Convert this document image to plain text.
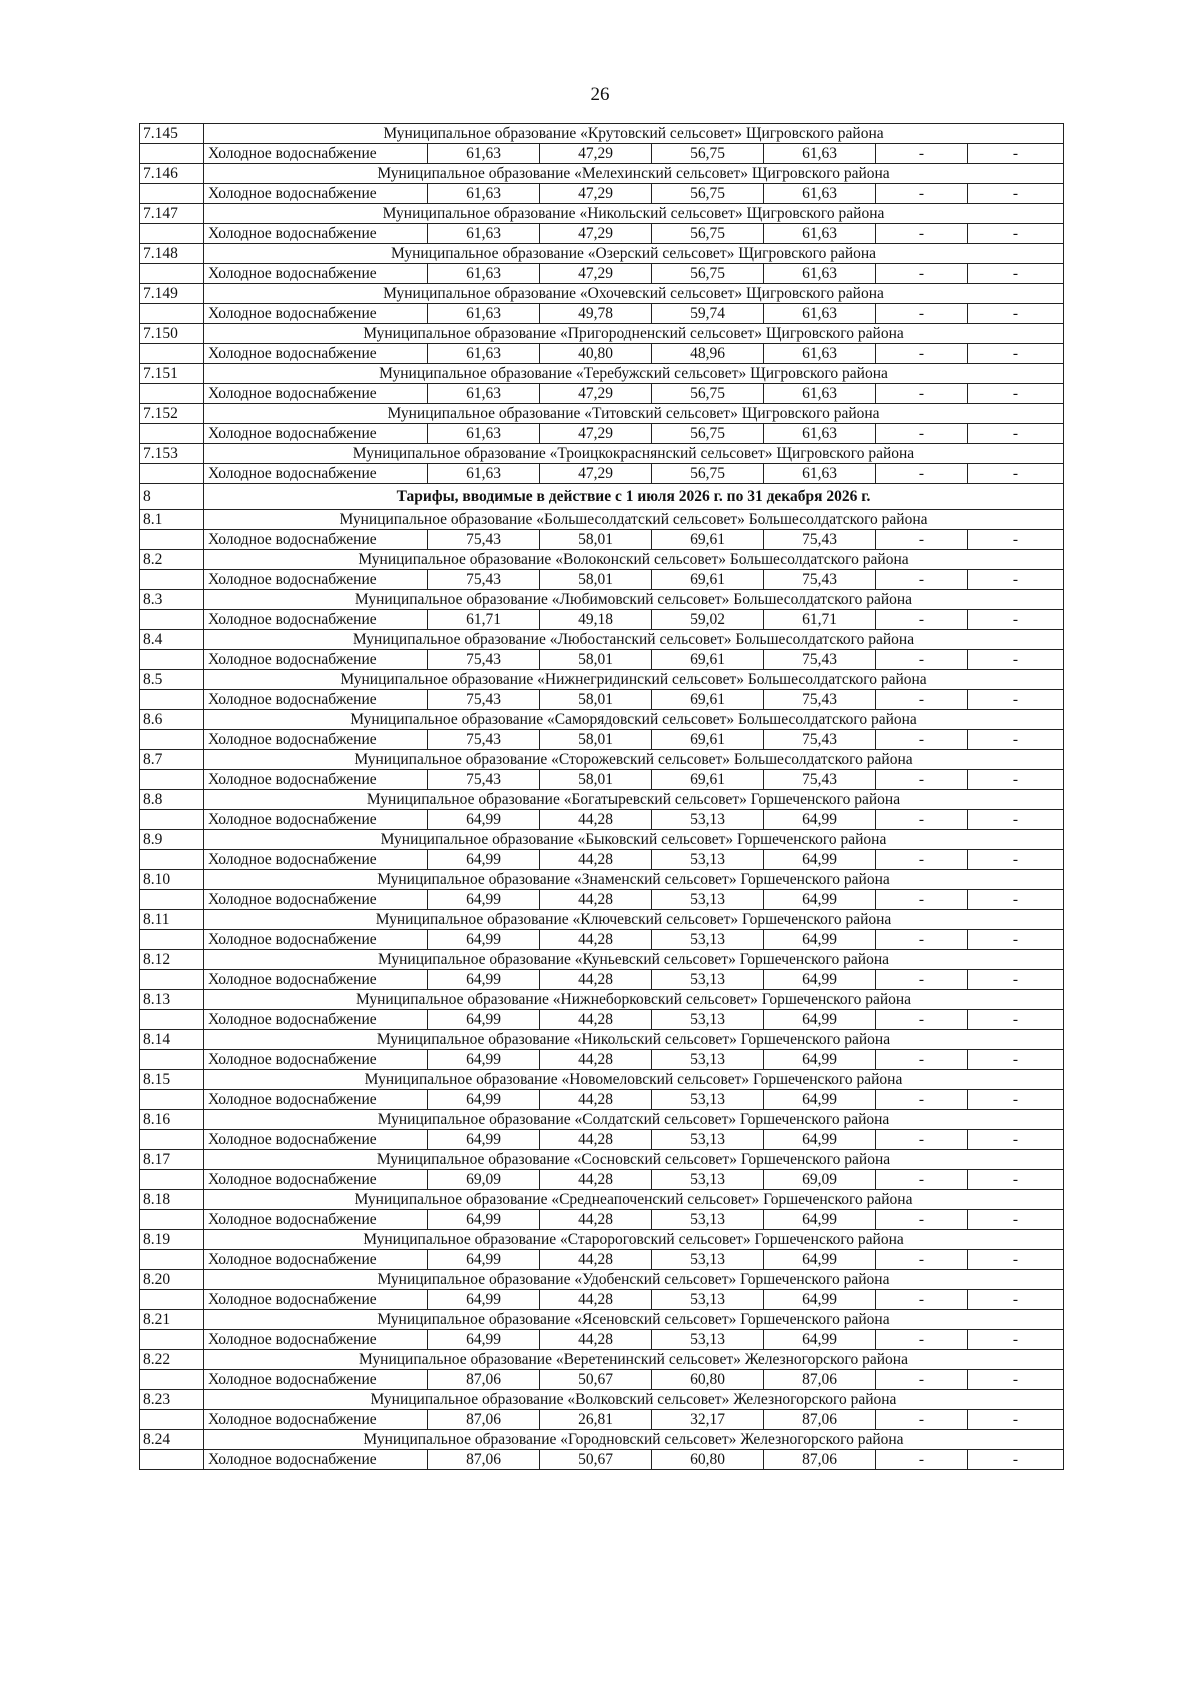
26
7.145	Муниципальное образование «Крутовский сельсовет» Щигровского района						
	Холодное водоснабжение	61,63	47,29	56,75	61,63	-	-
7.146	Муниципальное образование «Мелехинский сельсовет» Щигровского района						
	Холодное водоснабжение	61,63	47,29	56,75	61,63	-	-
7.147	Муниципальное образование «Никольский сельсовет» Щигровского района						
	Холодное водоснабжение	61,63	47,29	56,75	61,63	-	-
7.148	Муниципальное образование «Озерский сельсовет» Щигровского района						
	Холодное водоснабжение	61,63	47,29	56,75	61,63	-	-
7.149	Муниципальное образование «Охочевский сельсовет» Щигровского района						
	Холодное водоснабжение	61,63	49,78	59,74	61,63	-	-
7.150	Муниципальное образование «Пригородненский сельсовет» Щигровского района						
	Холодное водоснабжение	61,63	40,80	48,96	61,63	-	-
7.151	Муниципальное образование «Теребужский сельсовет» Щигровского района						
	Холодное водоснабжение	61,63	47,29	56,75	61,63	-	-
7.152	Муниципальное образование «Титовский сельсовет» Щигровского района						
	Холодное водоснабжение	61,63	47,29	56,75	61,63	-	-
7.153	Муниципальное образование «Троицкокраснянский сельсовет» Щигровского района						
	Холодное водоснабжение	61,63	47,29	56,75	61,63	-	-
8	Тарифы, вводимые в действие с 1 июля 2026 г. по 31 декабря 2026 г.						
8.1	Муниципальное образование «Большесолдатский сельсовет» Большесолдатского района						
	Холодное водоснабжение	75,43	58,01	69,61	75,43	-	-
8.2	Муниципальное образование «Волоконский сельсовет» Большесолдатского района						
	Холодное водоснабжение	75,43	58,01	69,61	75,43	-	-
8.3	Муниципальное образование «Любимовский сельсовет» Большесолдатского района						
	Холодное водоснабжение	61,71	49,18	59,02	61,71	-	-
8.4	Муниципальное образование «Любостанский сельсовет» Большесолдатского района						
	Холодное водоснабжение	75,43	58,01	69,61	75,43	-	-
8.5	Муниципальное образование «Нижнегридинский сельсовет» Большесолдатского района						
	Холодное водоснабжение	75,43	58,01	69,61	75,43	-	-
8.6	Муниципальное образование «Саморядовский сельсовет» Большесолдатского района						
	Холодное водоснабжение	75,43	58,01	69,61	75,43	-	-
8.7	Муниципальное образование «Сторожевский сельсовет» Большесолдатского района						
	Холодное водоснабжение	75,43	58,01	69,61	75,43	-	-
8.8	Муниципальное образование «Богатыревский сельсовет» Горшеченского района						
	Холодное водоснабжение	64,99	44,28	53,13	64,99	-	-
8.9	Муниципальное образование «Быковский сельсовет» Горшеченского района						
	Холодное водоснабжение	64,99	44,28	53,13	64,99	-	-
8.10	Муниципальное образование «Знаменский сельсовет» Горшеченского района						
	Холодное водоснабжение	64,99	44,28	53,13	64,99	-	-
8.11	Муниципальное образование «Ключевский сельсовет» Горшеченского района						
	Холодное водоснабжение	64,99	44,28	53,13	64,99	-	-
8.12	Муниципальное образование «Куньевский сельсовет» Горшеченского района						
	Холодное водоснабжение	64,99	44,28	53,13	64,99	-	-
8.13	Муниципальное образование «Нижнеборковский сельсовет» Горшеченского района						
	Холодное водоснабжение	64,99	44,28	53,13	64,99	-	-
8.14	Муниципальное образование «Никольский сельсовет» Горшеченского района						
	Холодное водоснабжение	64,99	44,28	53,13	64,99	-	-
8.15	Муниципальное образование «Новомеловский сельсовет» Горшеченского района						
	Холодное водоснабжение	64,99	44,28	53,13	64,99	-	-
8.16	Муниципальное образование «Солдатский сельсовет» Горшеченского района						
	Холодное водоснабжение	64,99	44,28	53,13	64,99	-	-
8.17	Муниципальное образование «Сосновский сельсовет» Горшеченского района						
	Холодное водоснабжение	69,09	44,28	53,13	69,09	-	-
8.18	Муниципальное образование «Среднеапоченский сельсовет» Горшеченского района						
	Холодное водоснабжение	64,99	44,28	53,13	64,99	-	-
8.19	Муниципальное образование «Старороговский сельсовет» Горшеченского района						
	Холодное водоснабжение	64,99	44,28	53,13	64,99	-	-
8.20	Муниципальное образование «Удобенский сельсовет» Горшеченского района						
	Холодное водоснабжение	64,99	44,28	53,13	64,99	-	-
8.21	Муниципальное образование «Ясеновский сельсовет» Горшеченского района						
	Холодное водоснабжение	64,99	44,28	53,13	64,99	-	-
8.22	Муниципальное образование «Веретенинский сельсовет» Железногорского района						
	Холодное водоснабжение	87,06	50,67	60,80	87,06	-	-
8.23	Муниципальное образование «Волковский сельсовет» Железногорского района						
	Холодное водоснабжение	87,06	26,81	32,17	87,06	-	-
8.24	Муниципальное образование «Городновский сельсовет» Железногорского района						
	Холодное водоснабжение	87,06	50,67	60,80	87,06	-	-
